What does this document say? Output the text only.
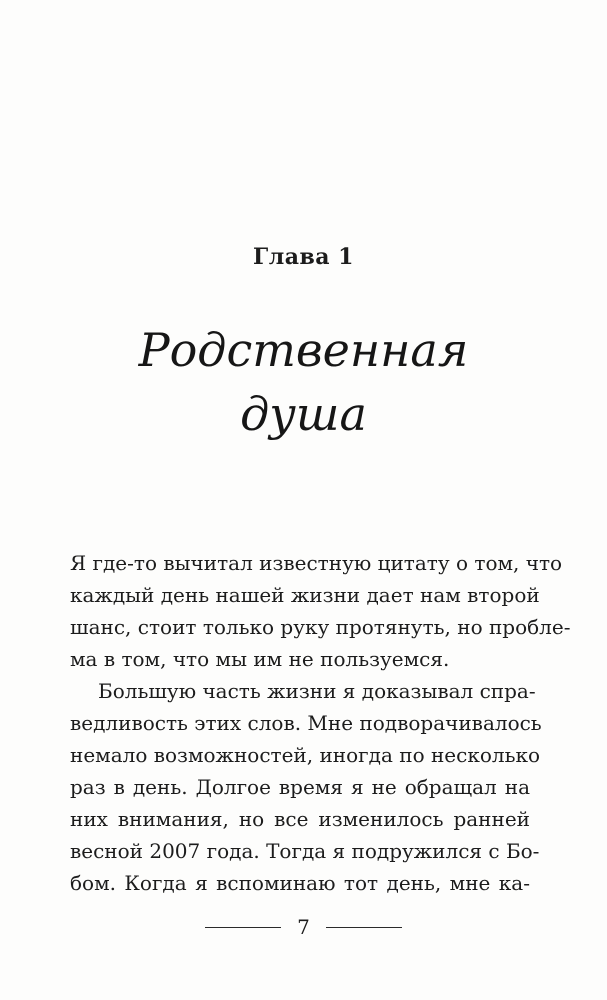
Глава 1
Родственная
душа
Я где-то вычитал известную цитату о том, что
каждый день нашей жизни дает нам второй
шанс, стоит только руку протянуть, но пробле-
ма в том, что мы им не пользуемся.
Большую часть жизни я доказывал спра-
ведливость этих слов. Мне подворачивалось
немало возможностей, иногда по несколько
раз в день. Долгое время я не обращал на
них внимания, но все изменилось ранней
весной 2007 года. Тогда я подружился с Бо-
бом. Когда я вспоминаю тот день, мне ка-
7
